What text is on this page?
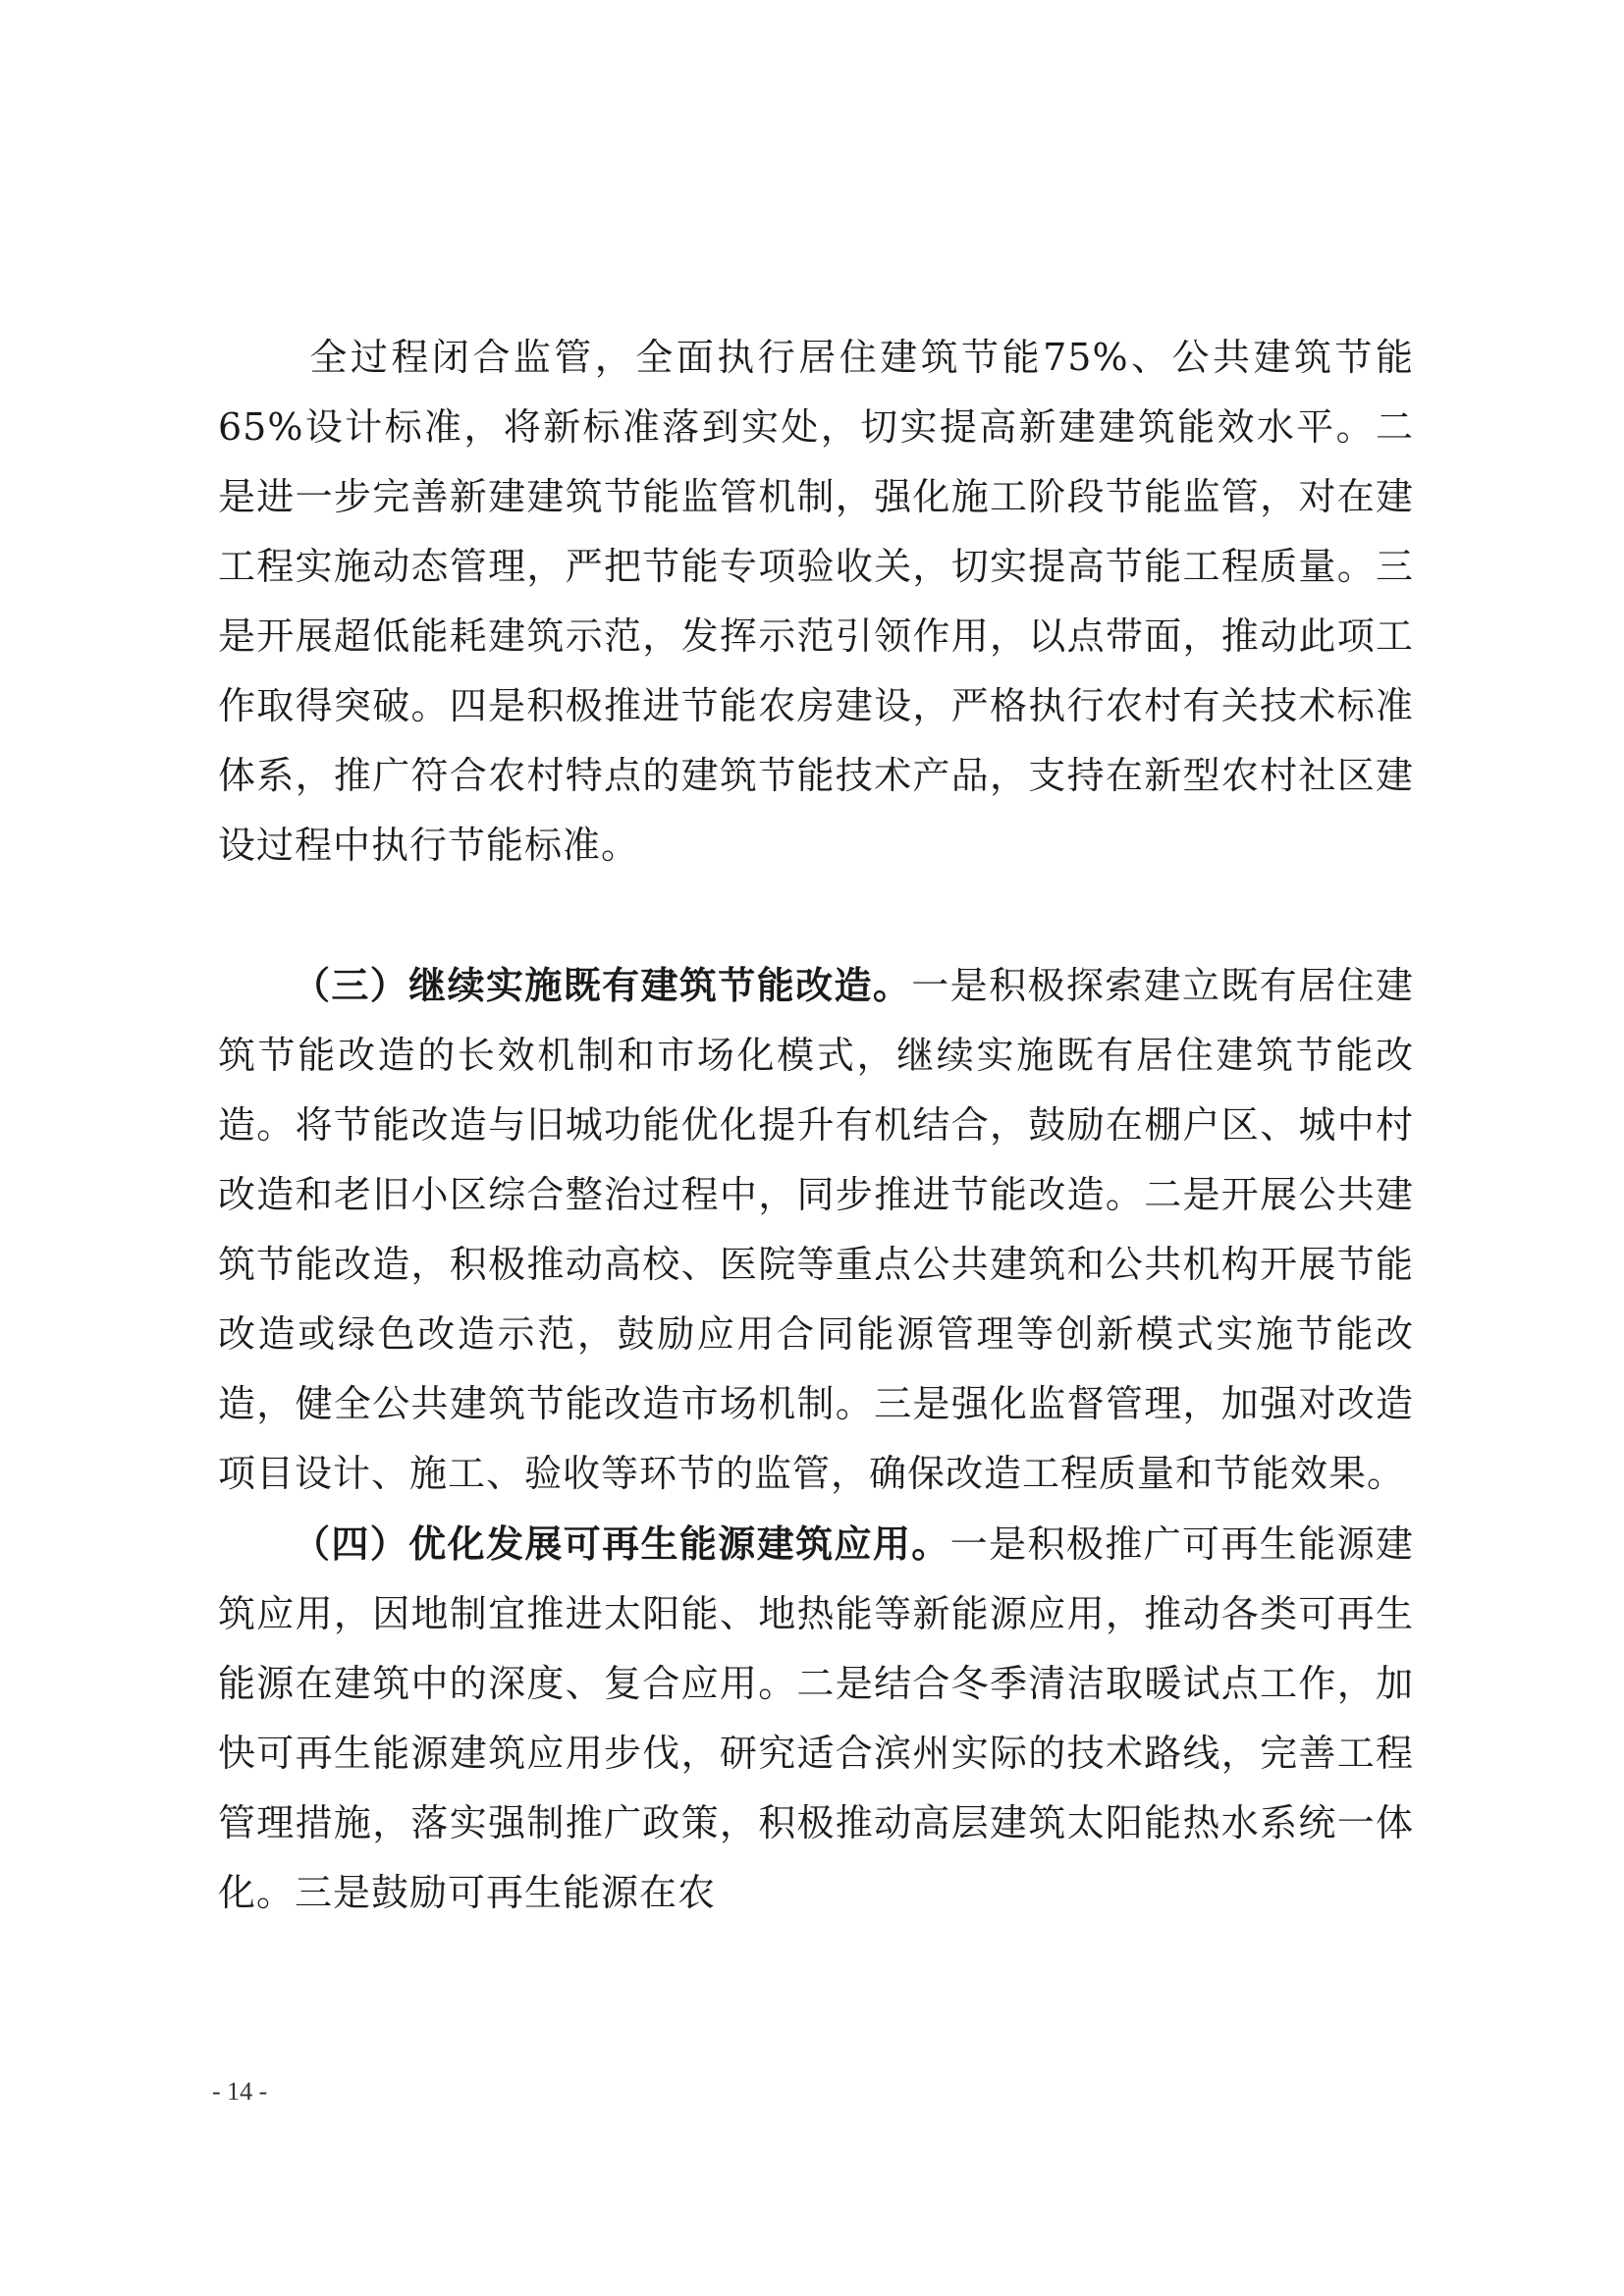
全过程闭合监管，全面执行居住建筑节能75%、公共建筑节能65%设计标准，将新标准落到实处，切实提高新建建筑能效水平。二是进一步完善新建建筑节能监管机制，强化施工阶段节能监管，对在建工程实施动态管理，严把节能专项验收关，切实提高节能工程质量。三是开展超低能耗建筑示范，发挥示范引领作用，以点带面，推动此项工作取得突破。四是积极推进节能农房建设，严格执行农村有关技术标准体系，推广符合农村特点的建筑节能技术产品，支持在新型农村社区建设过程中执行节能标准。

（三）继续实施既有建筑节能改造。一是积极探索建立既有居住建筑节能改造的长效机制和市场化模式，继续实施既有居住建筑节能改造。将节能改造与旧城功能优化提升有机结合，鼓励在棚户区、城中村改造和老旧小区综合整治过程中，同步推进节能改造。二是开展公共建筑节能改造，积极推动高校、医院等重点公共建筑和公共机构开展节能改造或绿色改造示范，鼓励应用合同能源管理等创新模式实施节能改造，健全公共建筑节能改造市场机制。三是强化监督管理，加强对改造项目设计、施工、验收等环节的监管，确保改造工程质量和节能效果。

（四）优化发展可再生能源建筑应用。一是积极推广可再生能源建筑应用，因地制宜推进太阳能、地热能等新能源应用，推动各类可再生能源在建筑中的深度、复合应用。二是结合冬季清洁取暖试点工作，加快可再生能源建筑应用步伐，研究适合滨州实际的技术路线，完善工程管理措施，落实强制推广政策，积极推动高层建筑太阳能热水系统一体化。三是鼓励可再生能源在农

- 14 -
